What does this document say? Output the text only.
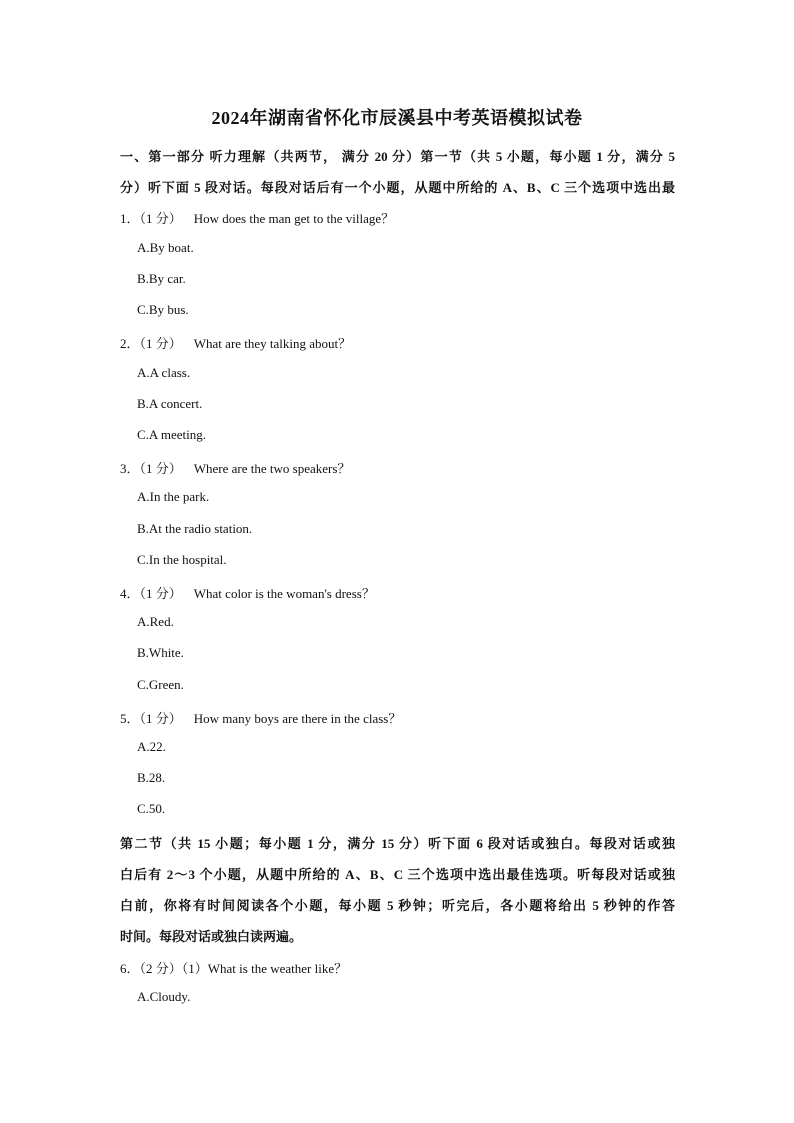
2024年湖南省怀化市辰溪县中考英语模拟试卷
一、第一部分 听力理解（共两节， 满分 20 分）第一节（共 5 小题，每小题 1 分，满分 5
分）听下面 5 段对话。每段对话后有一个小题，从题中所给的 A、B、C 三个选项中选出最
1．（1 分） How does the man get to the village？
A.By boat.
B.By car.
C.By bus.
2．（1 分） What are they talking about？
A.A class.
B.A concert.
C.A meeting.
3．（1 分） Where are the two speakers？
A.In the park.
B.At the radio station.
C.In the hospital.
4．（1 分） What color is the woman's dress？
A.Red.
B.White.
C.Green.
5．（1 分） How many boys are there in the class？
A.22.
B.28.
C.50.
第二节（共 15 小题；每小题 1 分，满分 15 分）听下面 6 段对话或独白。每段对话或独
白后有 2～3 个小题，从题中所给的 A、B、C 三个选项中选出最佳选项。听每段对话或独
白前，你将有时间阅读各个小题，每小题 5 秒钟；听完后，各小题将给出 5 秒钟的作答
时间。每段对话或独白读两遍。
6．（2 分）（1）What is the weather like？
A.Cloudy.
